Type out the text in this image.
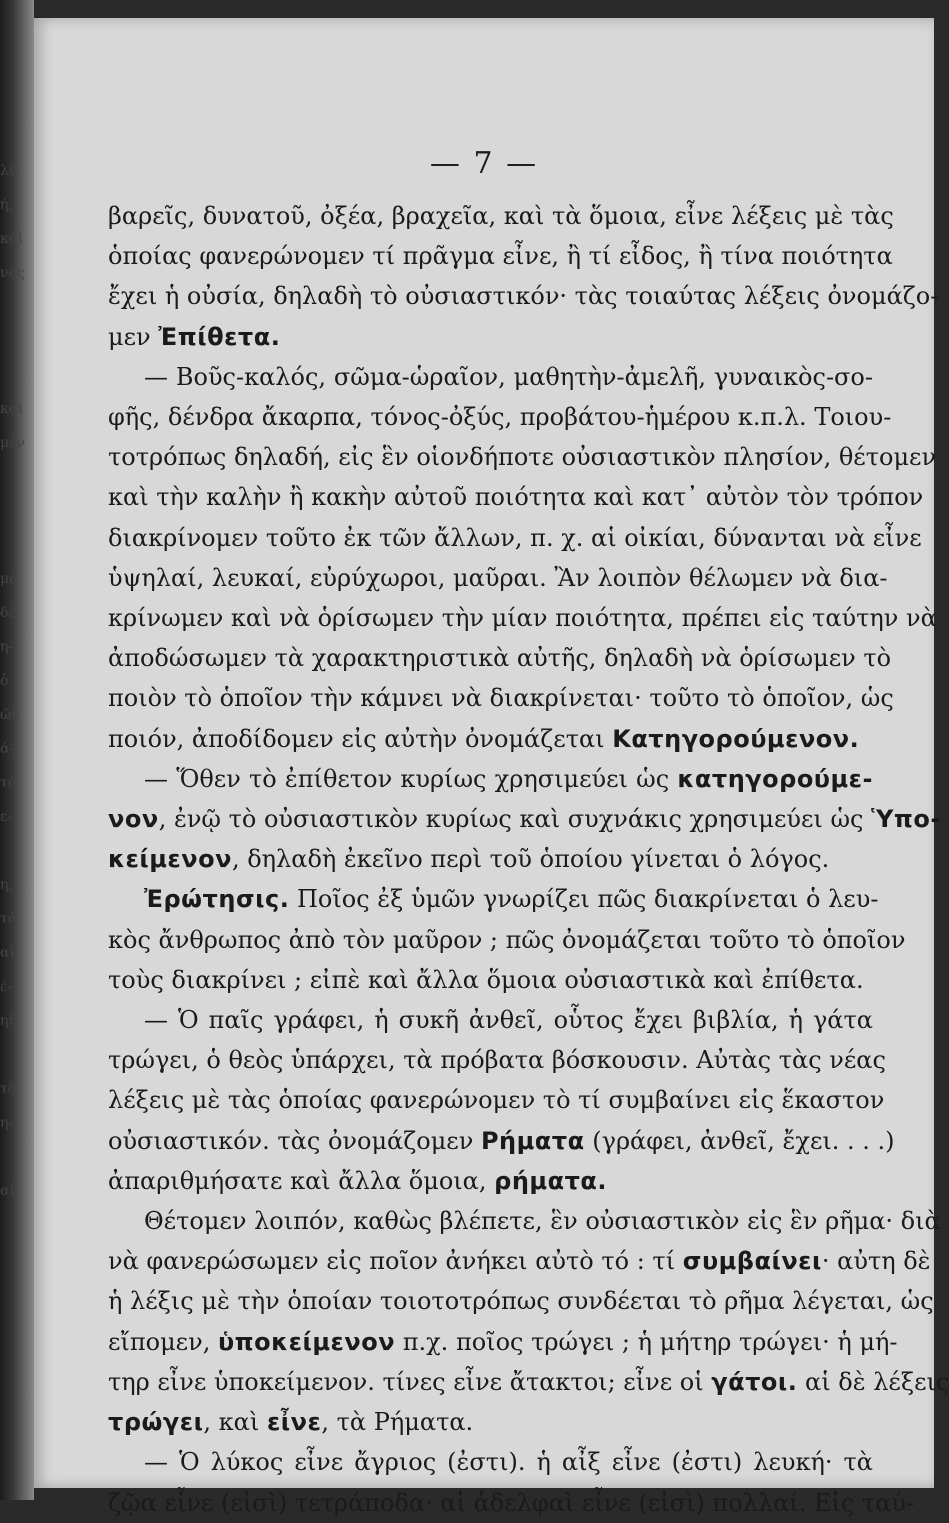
λί-
ή,
καὶ
νος
καὶ
μεν
μα
δὲ
η-
ὁ
ῶν
ά-
τὸ
ε-
η,
τὰ
αὶ
έ-
ηῆ
τὰ
η-
αί,
— 7 —
βαρεῖς, δυνατοῦ, ὀξέα, βραχεῖα, καὶ τὰ ὅμοια, εἶνε λέξεις μὲ τὰς
ὁποίας φανερώνομεν τί πρᾶγμα εἶνε, ἢ τί εἶδος, ἢ τίνα ποιότητα
ἔχει ἡ οὐσία, δηλαδὴ τὸ οὐσιαστικόν· τὰς τοιαύτας λέξεις ὀνομάζο-
μεν Ἐπίθετα.
— Βοῦς-καλός, σῶμα-ὡραῖον, μαθητὴν-ἀμελῆ, γυναικὸς-σο-
φῆς, δένδρα ἄκαρπα, τόνος-ὀξύς, προβάτου-ἡμέρου κ.π.λ. Τοιου-
τοτρόπως δηλαδή, εἰς ἓν οἱονδήποτε οὐσιαστικὸν πλησίον, θέτομεν
καὶ τὴν καλὴν ἢ κακὴν αὐτοῦ ποιότητα καὶ κατ᾽ αὐτὸν τὸν τρόπον
διακρίνομεν τοῦτο ἐκ τῶν ἄλλων, π. χ. αἱ οἰκίαι, δύνανται νὰ εἶνε
ὑψηλαί, λευκαί, εὐρύχωροι, μαῦραι. Ἂν λοιπὸν θέλωμεν νὰ δια-
κρίνωμεν καὶ νὰ ὁρίσωμεν τὴν μίαν ποιότητα, πρέπει εἰς ταύτην νὰ
ἀποδώσωμεν τὰ χαρακτηριστικὰ αὐτῆς, δηλαδὴ νὰ ὁρίσωμεν τὸ
ποιὸν τὸ ὁποῖον τὴν κάμνει νὰ διακρίνεται· τοῦτο τὸ ὁποῖον, ὡς
ποιόν, ἀποδίδομεν εἰς αὐτὴν ὀνομάζεται Κατηγορούμενον.
— Ὅθεν τὸ ἐπίθετον κυρίως χρησιμεύει ὡς κατηγορούμε-
νον, ἐνῷ τὸ οὐσιαστικὸν κυρίως καὶ συχνάκις χρησιμεύει ὡς Ὑπο-
κείμενον, δηλαδὴ ἐκεῖνο περὶ τοῦ ὁποίου γίνεται ὁ λόγος.
Ἐρώτησις. Ποῖος ἐξ ὑμῶν γνωρίζει πῶς διακρίνεται ὁ λευ-
κὸς ἄνθρωπος ἀπὸ τὸν μαῦρον ; πῶς ὀνομάζεται τοῦτο τὸ ὁποῖον
τοὺς διακρίνει ; εἰπὲ καὶ ἄλλα ὅμοια οὐσιαστικὰ καὶ ἐπίθετα.
— Ὁ παῖς γράφει, ἡ συκῆ ἀνθεῖ, οὗτος ἔχει βιβλία, ἡ γάτα
τρώγει, ὁ θεὸς ὑπάρχει, τὰ πρόβατα βόσκουσιν. Αὐτὰς τὰς νέας
λέξεις μὲ τὰς ὁποίας φανερώνομεν τὸ τί συμβαίνει εἰς ἕκαστον
οὐσιαστικόν. τὰς ὀνομάζομεν Ρήματα (γράφει, ἀνθεῖ, ἔχει. . . .)
ἀπαριθμήσατε καὶ ἄλλα ὅμοια, ρήματα.
Θέτομεν λοιπόν, καθὼς βλέπετε, ἓν οὐσιαστικὸν εἰς ἓν ρῆμα· διὰ
νὰ φανερώσωμεν εἰς ποῖον ἀνήκει αὐτὸ τό : τί συμβαίνει· αὐτη δὲ
ἡ λέξις μὲ τὴν ὁποίαν τοιοτοτρόπως συνδέεται τὸ ρῆμα λέγεται, ὡς
εἴπομεν, ὑποκείμενον π.χ. ποῖος τρώγει ; ἡ μήτηρ τρώγει· ἡ μή-
τηρ εἶνε ὑποκείμενον. τίνες εἶνε ἄτακτοι; εἶνε οἱ γάτοι. αἱ δὲ λέξεις
τρώγει, καὶ εἶνε, τὰ Ρήματα.
— Ὁ λύκος εἶνε ἄγριος (ἐστι). ἡ αἶξ εἶνε (ἐστι) λευκή· τὰ
ζῷα εἶνε (εἰσὶ) τετράποδα· αἱ ἀδελφαὶ εἶνε (εἰσὶ) πολλαί. Εἰς ταύ-
